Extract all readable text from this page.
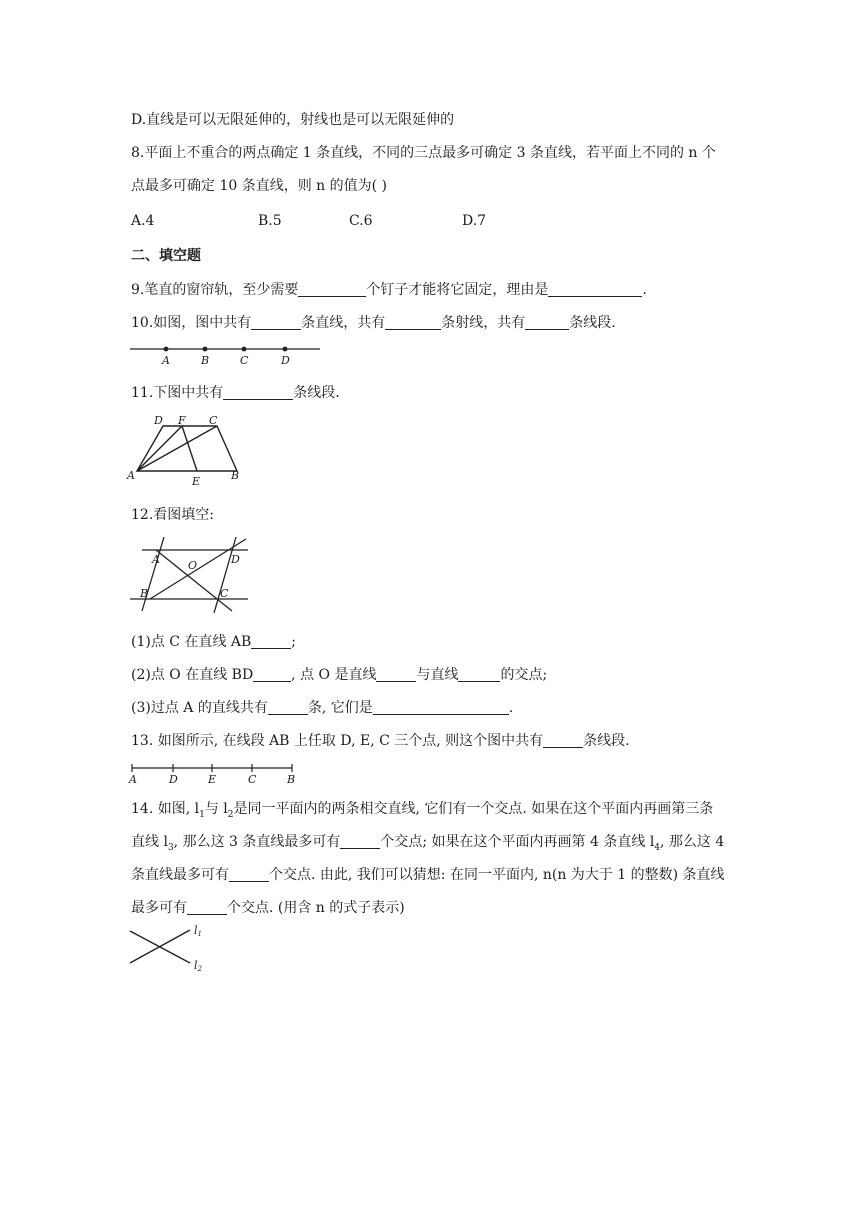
D.直线是可以无限延伸的，射线也是可以无限延伸的
8.平面上不重合的两点确定 1 条直线，不同的三点最多可确定 3 条直线，若平面上不同的 n 个
点最多可确定 10 条直线，则 n 的值为( )
A.4	B.5	C.6	D.7
二、填空题
9.笔直的窗帘轨，至少需要	个钉子才能将它固定，理由是	.
10.如图，图中共有	条直线，共有	条射线，共有	条线段.
A	B	C	D
11.下图中共有	条线段.
D F C
A	E	B
12.看图填空:
A	O	D
B	C
(1)点 C 在直线 AB	;
(2)点 O 在直线 BD	, 点 O 是直线	与直线	的交点;
(3)过点 A 的直线共有	条, 它们是	.
13. 如图所示, 在线段 AB 上任取 D, E, C 三个点, 则这个图中共有	条线段.
A	D	E	C	B
14. 如图, $l_1$与 $l_2$是同一平面内的两条相交直线, 它们有一个交点. 如果在这个平面内再画第三条
直线 $l_3$, 那么这 3 条直线最多可有	个交点; 如果在这个平面内再画第 4 条直线 $l_4$, 那么这 4
条直线最多可有	个交点. 由此, 我们可以猜想: 在同一平面内, n(n 为大于 1 的整数) 条直线
最多可有	个交点. (用含 n 的式子表示)
l1
l2
